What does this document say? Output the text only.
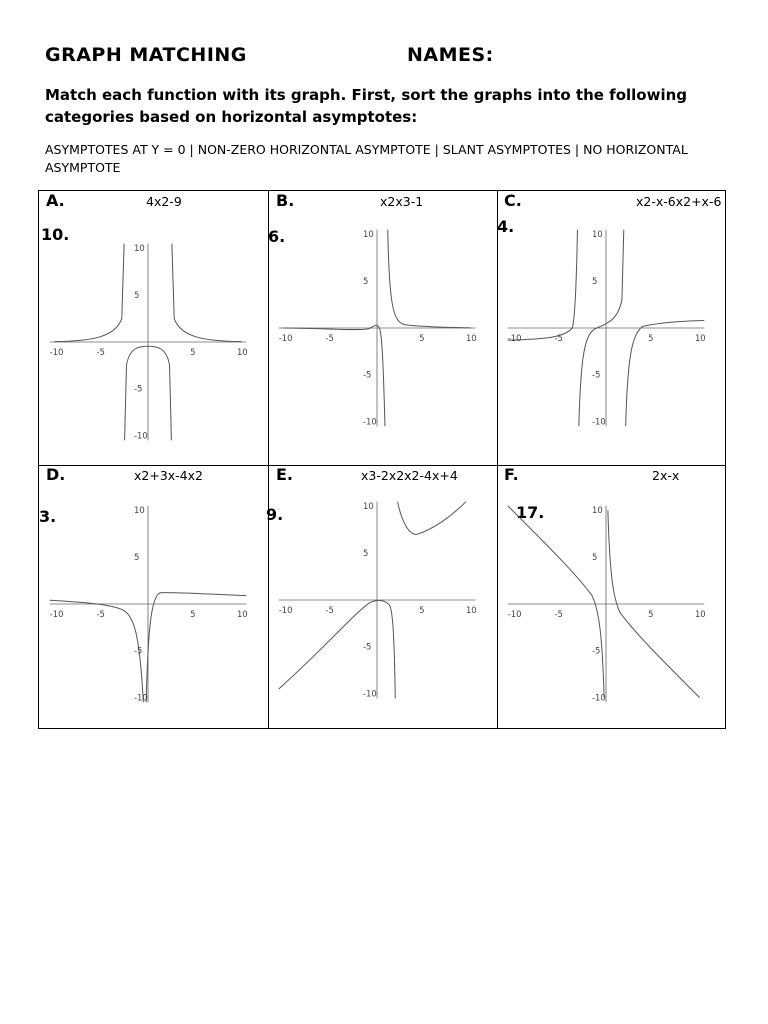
GRAPH MATCHING	NAMES:
Match each function with its graph. First, sort the graphs into the following categories based on horizontal asymptotes:
ASYMPTOTES AT Y = 0 | NON-ZERO HORIZONTAL ASYMPTOTE | SLANT ASYMPTOTES | NO HORIZONTAL ASYMPTOTE
A.	4x2-9
10.
B.	x2x3-1
6.
C.	x2-x-6x2+x-6
4.
D.	x2+3x-4x2
3.
E.	x3-2x2x2-4x+4
9.
F.	2x-x
17.
